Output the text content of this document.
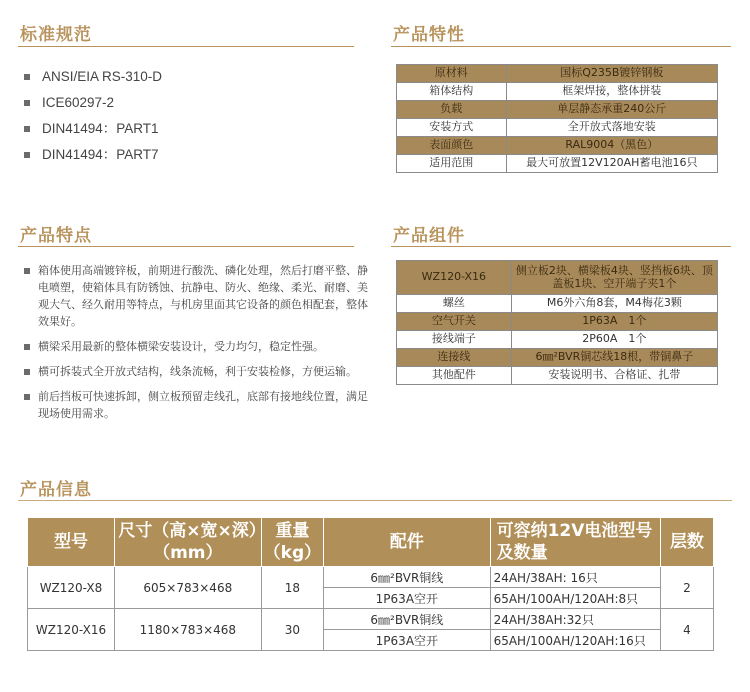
标准规范
ANSI/EIA RS-310-D
ICE60297-2
DIN41494：PART1
DIN41494：PART7
产品特性
原材料	国标Q235B镀锌钢板
箱体结构	框架焊接，整体拼装
负载	单层静态承重240公斤
安装方式	全开放式落地安装
表面颜色	RAL9004（黑色）
适用范围	最大可放置12V120AH蓄电池16只
产品特点
箱体使用高端镀锌板，前期进行酸洗、磷化处理，然后打磨平整、静电喷塑，使箱体具有防锈蚀、抗静电、防火、绝缘、柔光、耐磨、美观大气、经久耐用等特点，与机房里面其它设备的颜色相配套，整体效果好。
横梁采用最新的整体横梁安装设计，受力均匀，稳定性强。
横可拆装式全开放式结构，线条流畅，利于安装检修，方便运输。
前后挡板可快速拆卸，侧立板预留走线孔，底部有接地线位置，满足现场使用需求。
产品组件
WZ120-X16	侧立板2块、横梁板4块、竖挡板6块、顶盖板1块、空开端子夹1个
螺丝	M6外六角8套，M4梅花3颗
空气开关	1P63A　1个
接线端子	2P60A　1个
连接线	6㎜²BVR铜芯线18根，带铜鼻子
其他配件	安装说明书、合格证、扎带
产品信息
型号	尺寸（高×宽×深）（mm）	重量（kg）	配件	可容纳12V电池型号及数量	层数
WZ120-X8	605×783×468	18	6㎜²BVR铜线	24AH/38AH: 16只	2
			1P63A空开	65AH/100AH/120AH:8只	
WZ120-X16	1180×783×468	30	6㎜²BVR铜线	24AH/38AH:32只	4
			1P63A空开	65AH/100AH/120AH:16只	
